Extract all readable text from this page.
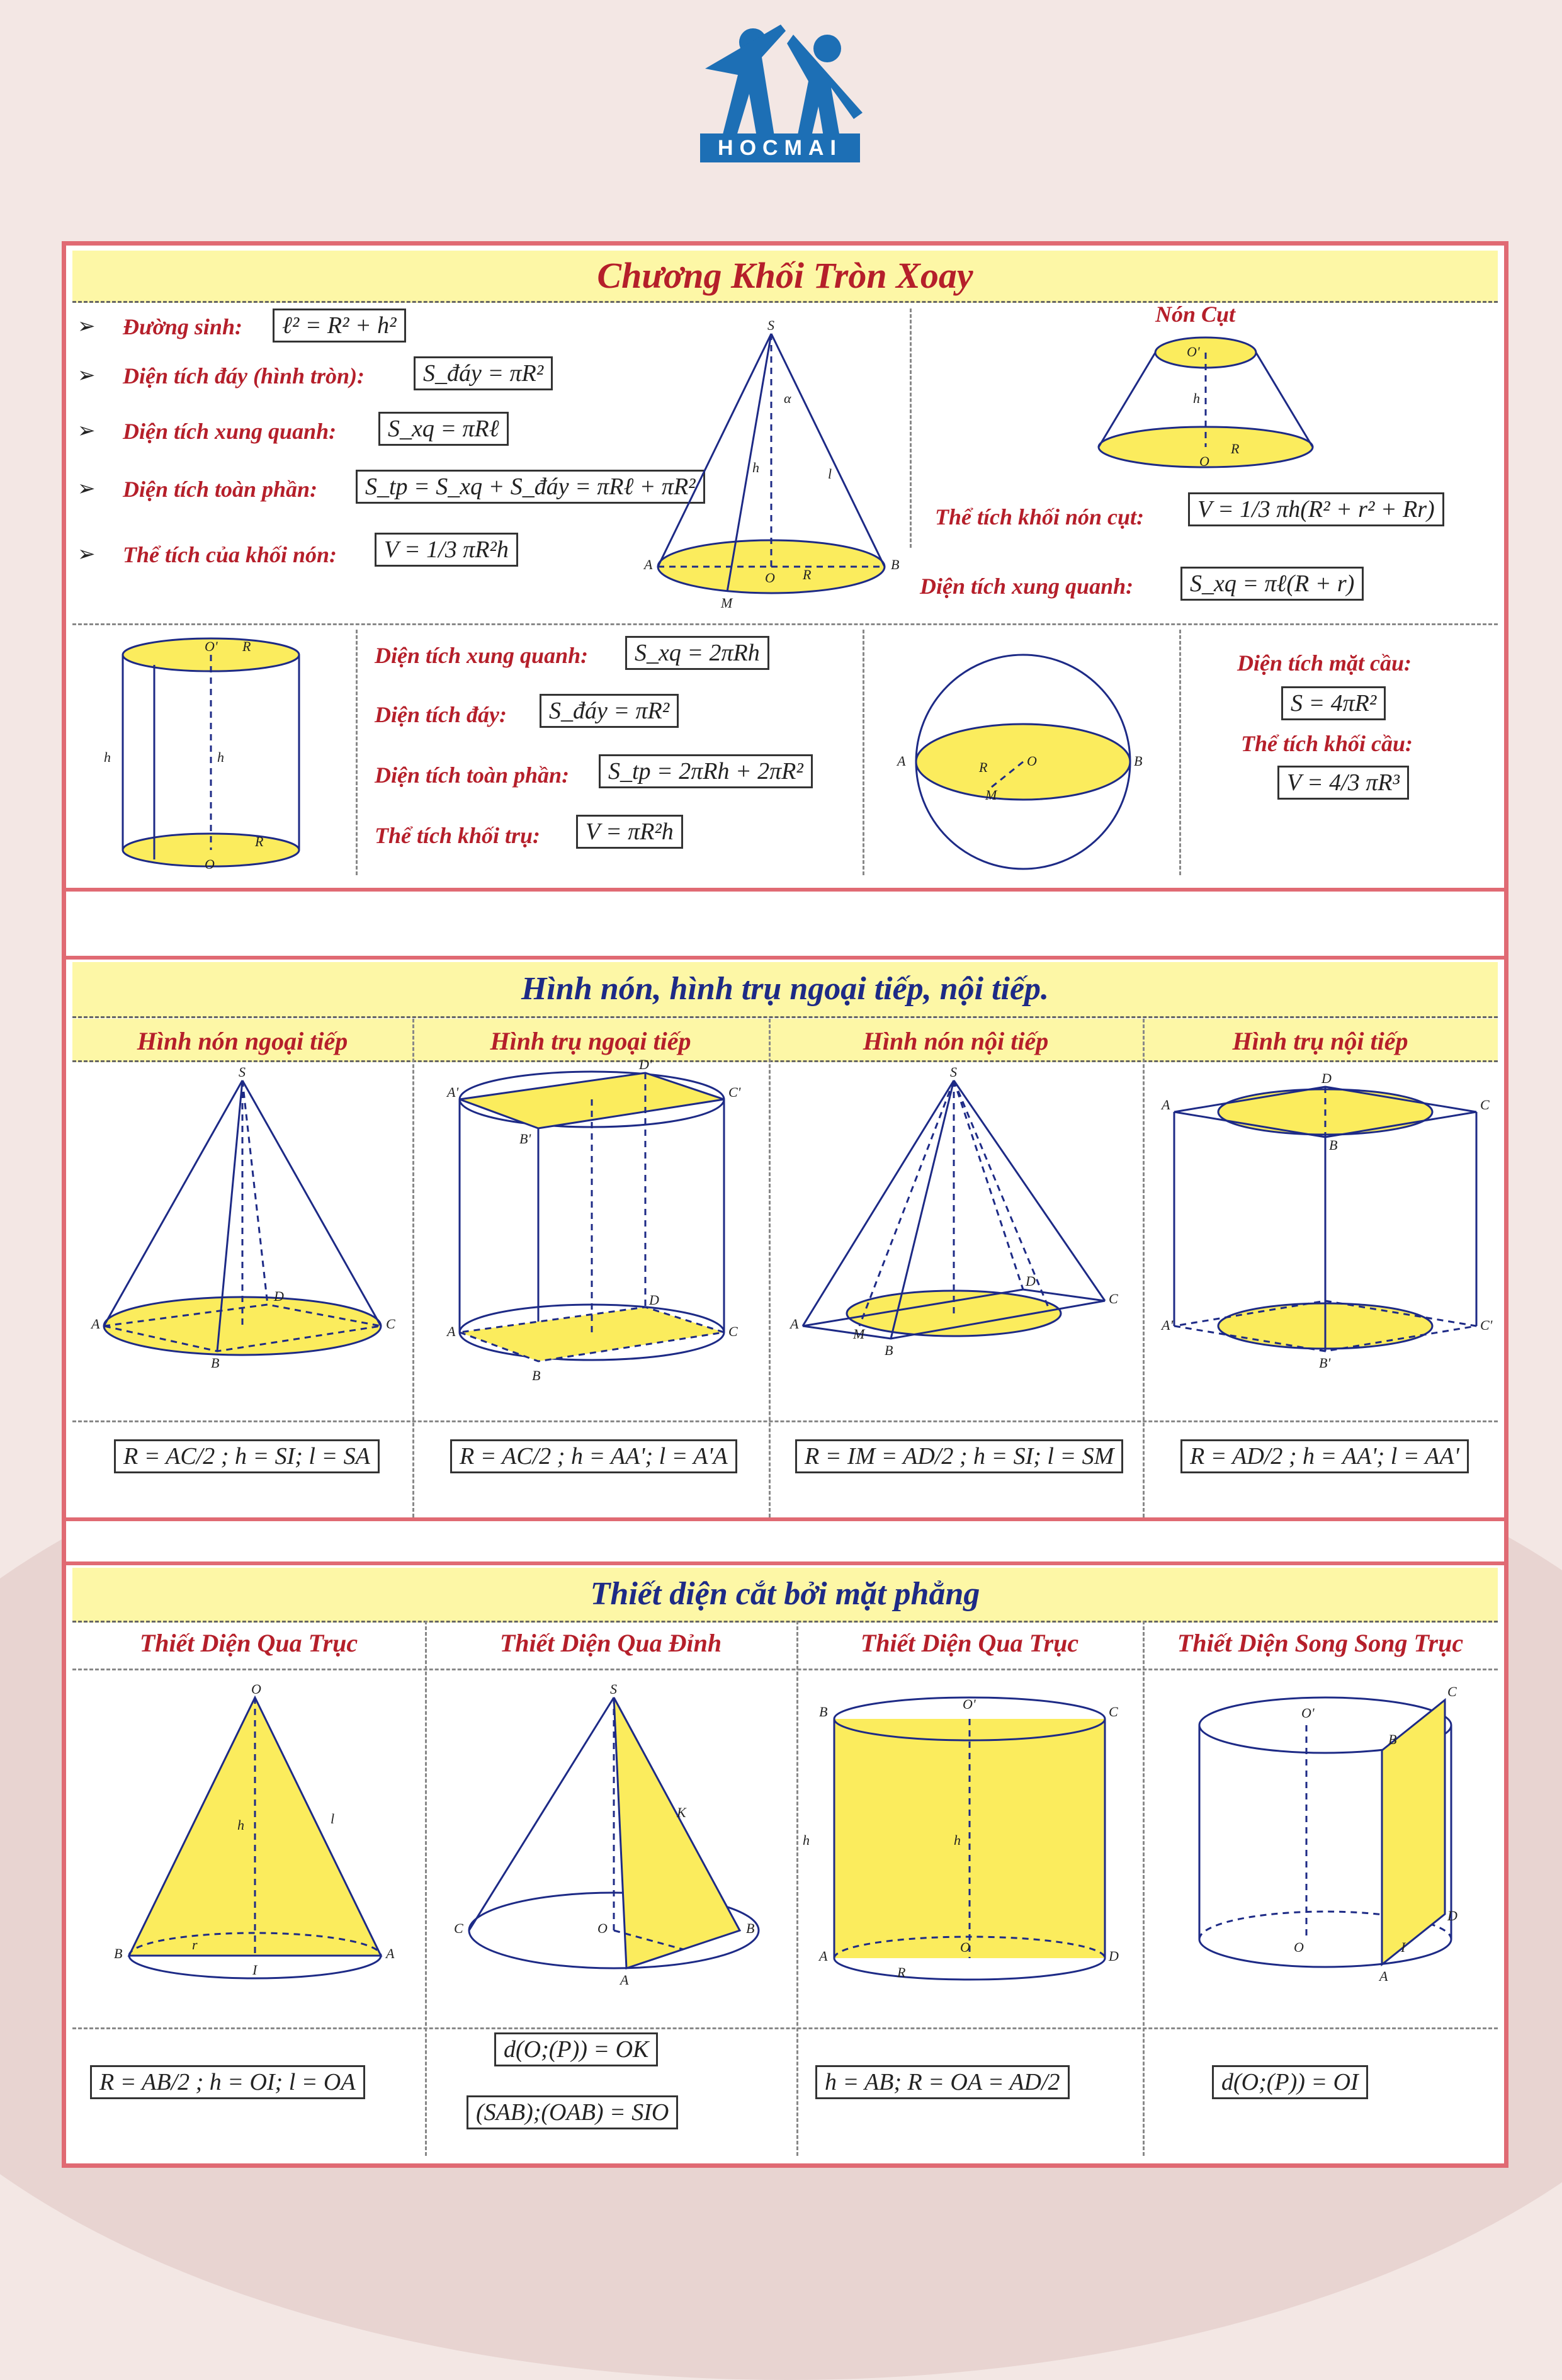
HOCMAI
Chương Khối Tròn Xoay
➢ Đường sinh:	ℓ² = R² + h²
➢ Diện tích đáy (hình tròn):	S_đáy = πR²
➢ Diện tích xung quanh:	S_xq = πRℓ
➢ Diện tích toàn phần:	S_tp = S_xq + S_đáy = πRℓ + πR²
➢ Thể tích của khối nón:	V = 1/3 πR²h
S
α
h	l
O R
A	B
M
Nón Cụt
O'
h
O
R
Thể tích khối nón cụt:	V = 1/3 πh(R² + r² + Rr)
Diện tích xung quanh:	S_xq = πℓ(R + r)
O' R
h	h
O
R
Diện tích xung quanh:	S_xq = 2πRh
Diện tích đáy:	S_đáy = πR²
Diện tích toàn phần:	S_tp = 2πRh + 2πR²
Thể tích khối trụ:	V = πR²h
A	B
R	O
M
Diện tích mặt cầu:
S = 4πR²
Thể tích khối cầu:
V = 4/3 πR³
Hình nón, hình trụ ngoại tiếp, nội tiếp.
Hình nón ngoại tiếp	Hình trụ ngoại tiếp	Hình nón nội tiếp	Hình trụ nội tiếp
S
A	C
B
D
A'	C'
B'
D'
A	C
B
D
S
A
B
C
D
M
A	C
D
B
A'	C'
B'
R = AC/2 ; h = SI; l = SA	R = AC/2 ; h = AA'; l = A'A	R = IM = AD/2 ; h = SI; l = SM	R = AD/2 ; h = AA'; l = AA'
Thiết diện cắt bởi mặt phẳng
Thiết Diện Qua Trục	Thiết Diện Qua Đỉnh	Thiết Diện Qua Trục	Thiết Diện Song Song Trục
O
h	l
r
B	A
I
S
C	B
A
O
K
B	C
O'
h	h
A	D
R
O
O'
C
B
O
D
A
I
R = AB/2 ; h = OI; l = OA
d(O;(P)) = OK
(SAB);(OAB) = SIO
h = AB; R = OA = AD/2	d(O;(P)) = OI
